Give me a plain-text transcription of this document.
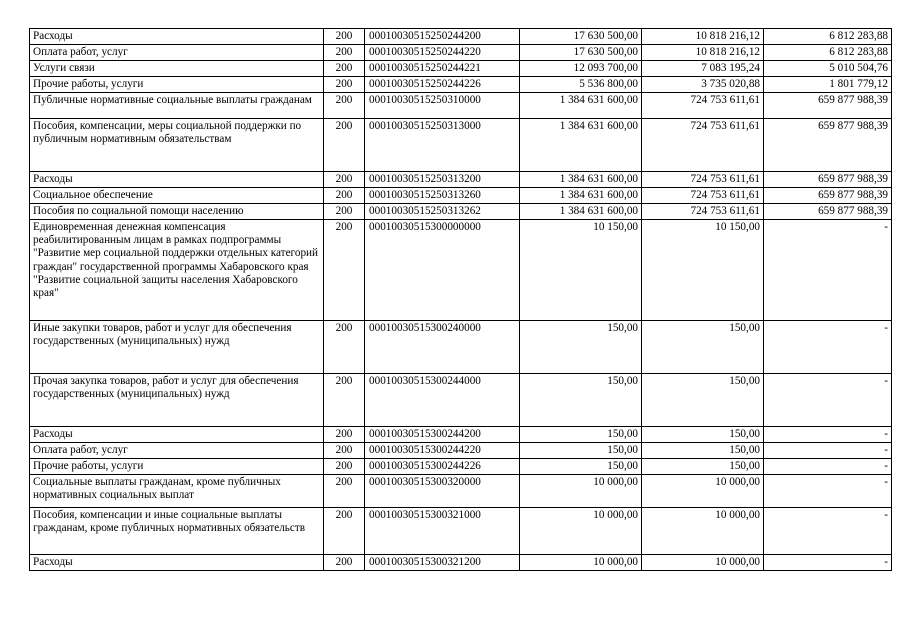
Расходы	200	00010030515250244200	17 630 500,00	10 818 216,12	6 812 283,88
Оплата работ, услуг	200	00010030515250244220	17 630 500,00	10 818 216,12	6 812 283,88
Услуги связи	200	00010030515250244221	12 093 700,00	7 083 195,24	5 010 504,76
Прочие работы, услуги	200	00010030515250244226	5 536 800,00	3 735 020,88	1 801 779,12
Публичные нормативные социальные выплаты гражданам	200	00010030515250310000	1 384 631 600,00	724 753 611,61	659 877 988,39
Пособия, компенсации, меры социальной поддержки по публичным нормативным обязательствам	200	00010030515250313000	1 384 631 600,00	724 753 611,61	659 877 988,39
Расходы	200	00010030515250313200	1 384 631 600,00	724 753 611,61	659 877 988,39
Социальное обеспечение	200	00010030515250313260	1 384 631 600,00	724 753 611,61	659 877 988,39
Пособия по социальной помощи населению	200	00010030515250313262	1 384 631 600,00	724 753 611,61	659 877 988,39
Единовременная денежная компенсация реабилитированным лицам в рамках подпрограммы "Развитие мер социальной поддержки отдельных категорий граждан" государственной программы Хабаровского края "Развитие социальной защиты населения Хабаровского края"	200	00010030515300000000	10 150,00	10 150,00	-
Иные закупки товаров, работ и услуг для обеспечения государственных (муниципальных) нужд	200	00010030515300240000	150,00	150,00	-
Прочая закупка товаров, работ и услуг для обеспечения государственных (муниципальных) нужд	200	00010030515300244000	150,00	150,00	-
Расходы	200	00010030515300244200	150,00	150,00	-
Оплата работ, услуг	200	00010030515300244220	150,00	150,00	-
Прочие работы, услуги	200	00010030515300244226	150,00	150,00	-
Социальные выплаты гражданам, кроме публичных нормативных социальных выплат	200	00010030515300320000	10 000,00	10 000,00	-
Пособия, компенсации и иные социальные выплаты гражданам, кроме публичных нормативных обязательств	200	00010030515300321000	10 000,00	10 000,00	-
Расходы	200	00010030515300321200	10 000,00	10 000,00	-
